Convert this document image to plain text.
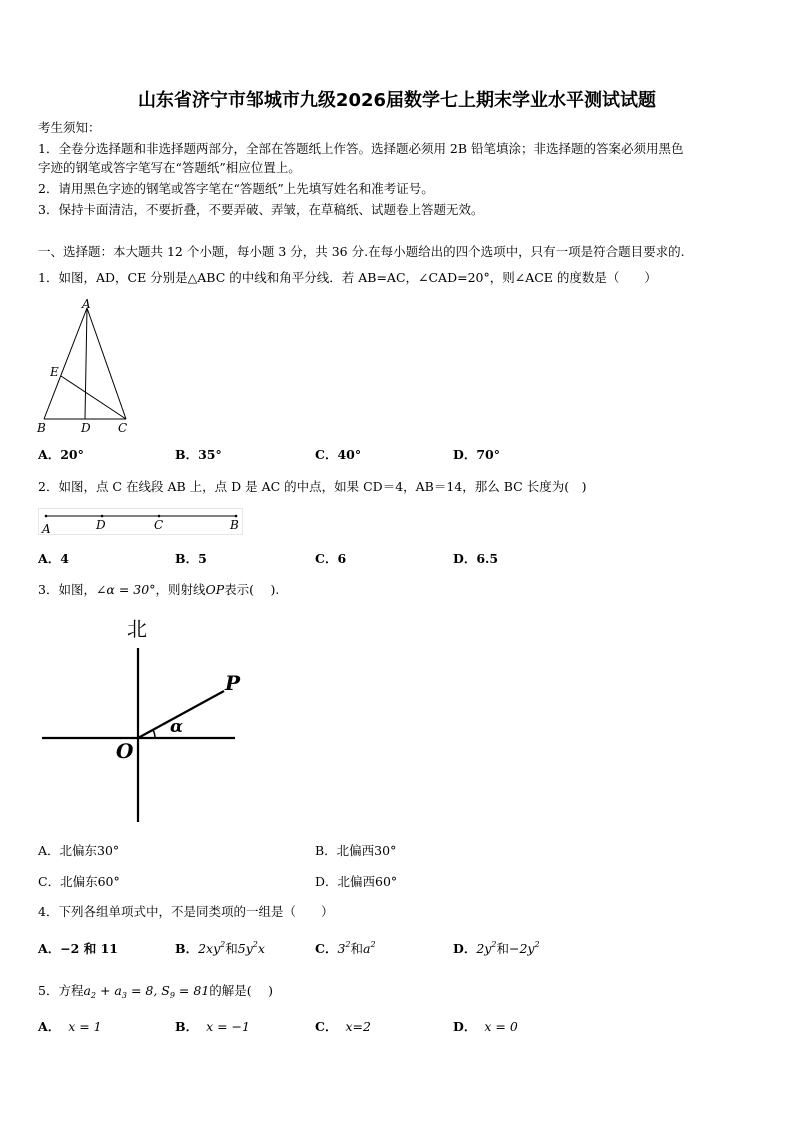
山东省济宁市邹城市九级2026届数学七上期末学业水平测试试题
考生须知：
1．全卷分选择题和非选择题两部分，全部在答题纸上作答。选择题必须用 2B 铅笔填涂；非选择题的答案必须用黑色
字迹的钢笔或答字笔写在“答题纸”相应位置上。
2．请用黑色字迹的钢笔或答字笔在“答题纸”上先填写姓名和准考证号。
3．保持卡面清洁，不要折叠，不要弄破、弄皱，在草稿纸、试题卷上答题无效。
一、选择题：本大题共 12 个小题，每小题 3 分，共 36 分.在每小题给出的四个选项中，只有一项是符合题目要求的.
1．如图，AD，CE 分别是△ABC 的中线和角平分线．若 AB=AC，∠CAD=20°，则∠ACE 的度数是（　　）
A
E
B	D C
A．20°	B．35°	C．40°	D．70°
2．如图，点 C 在线段 AB 上，点 D 是 AC 的中点，如果 CD＝4，AB＝14，那么 BC 长度为(　)
A	D	C	B
A．4	B．5	C．6	D．6.5
3．如图，∠α = 30°，则射线OP表示(　 ).
北
P
O
α
A．北偏东30°	B．北偏西30°
C．北偏东60°	D．北偏西60°
4．下列各组单项式中，不是同类项的一组是（　　）
A．−2 和 11	B．$2xy^2$和$5y^2x$	C．$3^2$和$a^2$	D．$2y^2$和$-2y^2$
5．方程$a_2 + a_3 = 8$, $S_9 = 81$的解是(　 )
A． x = 1	B． x = −1	C． x=2	D． x = 0
